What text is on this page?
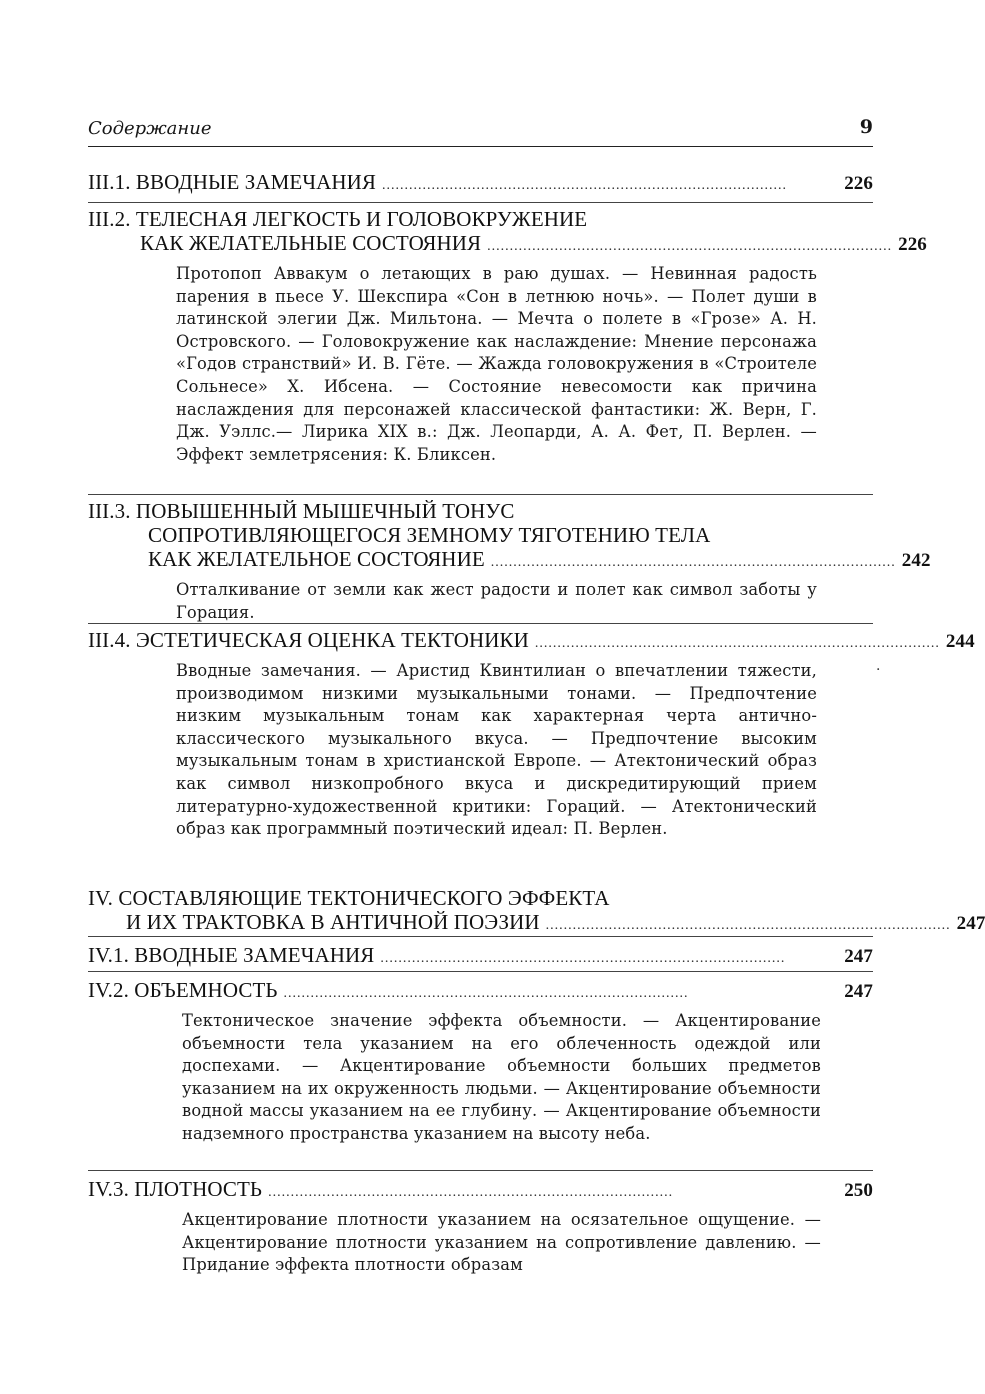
Содержание	9
III.1. ВВОДНЫЕ ЗАМЕЧАНИЯ ..........................................................................................	226
III.2. ТЕЛЕСНАЯ ЛЕГКОСТЬ И ГОЛОВОКРУЖЕНИЕ
КАК ЖЕЛАТЕЛЬНЫЕ СОСТОЯНИЯ .......................................................................................... 226
Протопоп Аввакум о летающих в раю душах. — Невинная радость парения в пьесе У. Шекспира «Сон в летнюю ночь». — Полет души в латинской элегии Дж. Мильтона. — Мечта о полете в «Грозе» А. Н. Островского. — Головокружение как наслаждение: Мнение персонажа «Годов странствий» И. В. Гёте. — Жажда головокружения в «Строителе Сольнесе» Х. Ибсена. — Состояние невесомости как причина наслаждения для персонажей классической фантастики: Ж. Верн, Г. Дж. Уэллс.— Лирика XIX в.: Дж. Леопарди, А. А. Фет, П. Верлен. — Эффект землетрясения: К. Бликсен.
III.3. ПОВЫШЕННЫЙ МЫШЕЧНЫЙ ТОНУС
СОПРОТИВЛЯЮЩЕГОСЯ ЗЕМНОМУ ТЯГОТЕНИЮ ТЕЛА
КАК ЖЕЛАТЕЛЬНОЕ СОСТОЯНИЕ .......................................................................................... 242
Отталкивание от земли как жест радости и полет как символ заботы у Горация.
III.4. ЭСТЕТИЧЕСКАЯ ОЦЕНКА ТЕКТОНИКИ .......................................................................................... 244
Вводные замечания. — Аристид Квинтилиан о впечатлении тяжести, производимом низкими музыкальными тонами. — Предпочтение низким музыкальным тонам как характерная черта антично-классического музыкального вкуса. — Предпочтение высоким музыкальным тонам в христианской Европе. — Атектонический образ как символ низкопробного вкуса и дискредитирующий прием литературно-художественной критики: Гораций. — Атектонический образ как программный поэтический идеал: П. Верлен.
IV. СОСТАВЛЯЮЩИЕ ТЕКТОНИЧЕСКОГО ЭФФЕКТА
И ИХ ТРАКТОВКА В АНТИЧНОЙ ПОЭЗИИ .......................................................................................... 247
IV.1. ВВОДНЫЕ ЗАМЕЧАНИЯ ..........................................................................................	247
IV.2. ОБЪЕМНОСТЬ ..........................................................................................	247
Тектоническое значение эффекта объемности. — Акцентирование объемности тела указанием на его облеченность одеждой или доспехами. — Акцентирование объемности больших предметов указанием на их окруженность людьми. — Акцентирование объемности водной массы указанием на ее глубину. — Акцентирование объемности надземного пространства указанием на высоту неба.
IV.3. ПЛОТНОСТЬ ..........................................................................................	250
Акцентирование плотности указанием на осязательное ощущение. — Акцентирование плотности указанием на сопротивление давлению. — Придание эффекта плотности образам
·
